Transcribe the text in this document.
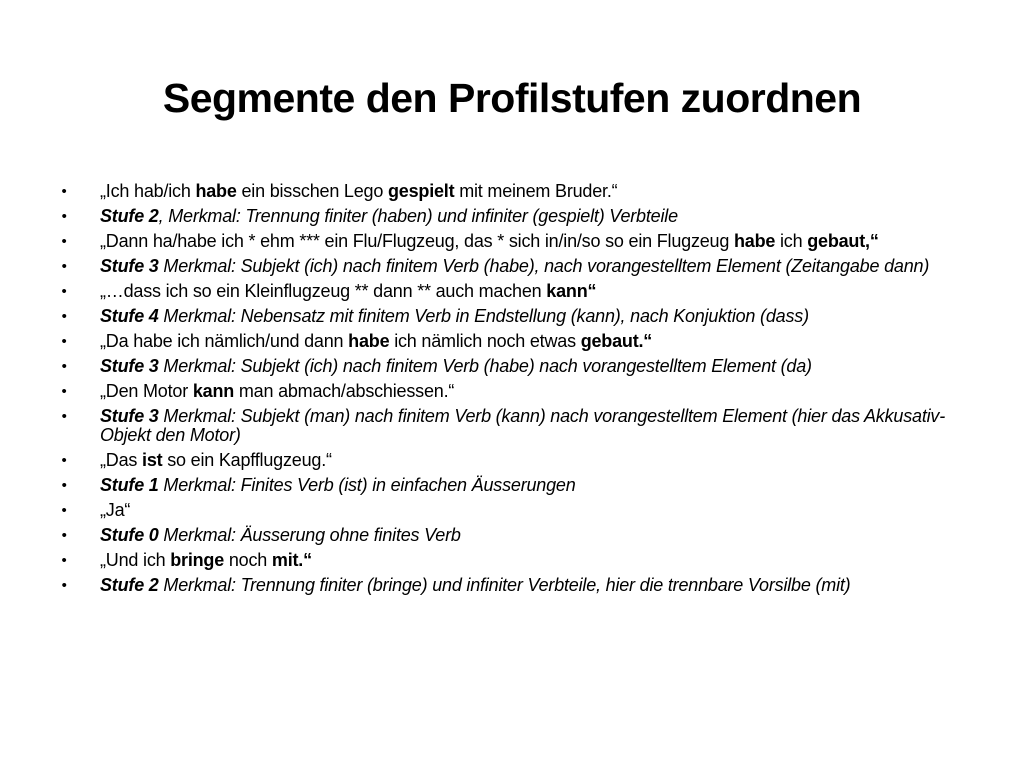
Segmente den Profilstufen zuordnen
• „Ich hab/ich habe ein bisschen Lego gespielt mit meinem Bruder.“
• Stufe 2, Merkmal: Trennung finiter (haben) und infiniter (gespielt) Verbteile
• „Dann ha/habe ich * ehm *** ein Flu/Flugzeug, das * sich in/in/so so ein Flugzeug habe ich gebaut,“
• Stufe 3 Merkmal: Subjekt (ich) nach finitem Verb (habe), nach vorangestelltem Element (Zeitangabe dann)
• „…dass ich so ein Kleinflugzeug ** dann ** auch machen kann“
• Stufe 4 Merkmal: Nebensatz mit finitem Verb in Endstellung (kann), nach Konjuktion (dass)
• „Da habe ich nämlich/und dann habe ich nämlich noch etwas gebaut.“
• Stufe 3 Merkmal: Subjekt (ich) nach finitem Verb (habe) nach vorangestelltem Element (da)
• „Den Motor kann man abmach/abschiessen.“
• Stufe 3 Merkmal: Subjekt (man) nach finitem Verb (kann) nach vorangestelltem Element (hier das Akkusativ-Objekt den Motor)
• „Das ist so ein Kapfflugzeug.“
• Stufe 1 Merkmal: Finites Verb (ist) in einfachen Äusserungen
• „Ja“
• Stufe 0 Merkmal: Äusserung ohne finites Verb
• „Und ich bringe noch mit.“
• Stufe 2 Merkmal: Trennung finiter (bringe) und infiniter Verbteile, hier die trennbare Vorsilbe (mit)
